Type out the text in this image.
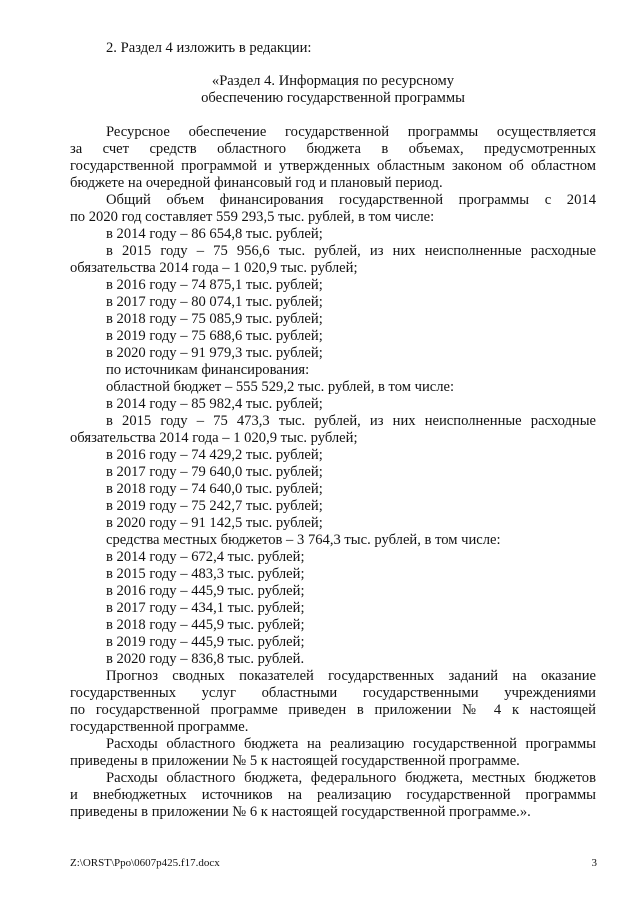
2. Раздел 4 изложить в редакции:
«Раздел 4. Информация по ресурсному
обеспечению государственной программы
Ресурсное обеспечение государственной программы осуществляется
за счет средств областного бюджета в объемах, предусмотренных
государственной программой и утвержденных областным законом об областном
бюджете на очередной финансовый год и плановый период.
Общий объем финансирования государственной программы с 2014
по 2020 год составляет 559 293,5 тыс. рублей, в том числе:
в 2014 году – 86 654,8 тыс. рублей;
в 2015 году – 75 956,6 тыс. рублей, из них неисполненные расходные
обязательства 2014 года – 1 020,9 тыс. рублей;
в 2016 году – 74 875,1 тыс. рублей;
в 2017 году – 80 074,1 тыс. рублей;
в 2018 году – 75 085,9 тыс. рублей;
в 2019 году – 75 688,6 тыс. рублей;
в 2020 году – 91 979,3 тыс. рублей;
по источникам финансирования:
областной бюджет – 555 529,2 тыс. рублей, в том числе:
в 2014 году – 85 982,4 тыс. рублей;
в 2015 году – 75 473,3 тыс. рублей, из них неисполненные расходные
обязательства 2014 года – 1 020,9 тыс. рублей;
в 2016 году – 74 429,2 тыс. рублей;
в 2017 году – 79 640,0 тыс. рублей;
в 2018 году – 74 640,0 тыс. рублей;
в 2019 году – 75 242,7 тыс. рублей;
в 2020 году – 91 142,5 тыс. рублей;
средства местных бюджетов – 3 764,3 тыс. рублей, в том числе:
в 2014 году – 672,4 тыс. рублей;
в 2015 году – 483,3 тыс. рублей;
в 2016 году – 445,9 тыс. рублей;
в 2017 году – 434,1 тыс. рублей;
в 2018 году – 445,9 тыс. рублей;
в 2019 году – 445,9 тыс. рублей;
в 2020 году – 836,8 тыс. рублей.
Прогноз сводных показателей государственных заданий на оказание
государственных услуг областными государственными учреждениями
по государственной программе приведен в приложении № 4 к настоящей
государственной программе.
Расходы областного бюджета на реализацию государственной программы
приведены в приложении № 5 к настоящей государственной программе.
Расходы областного бюджета, федерального бюджета, местных бюджетов
и внебюджетных источников на реализацию государственной программы
приведены в приложении № 6 к настоящей государственной программе.».
Z:\ORST\Ppo\0607p425.f17.docx	3
